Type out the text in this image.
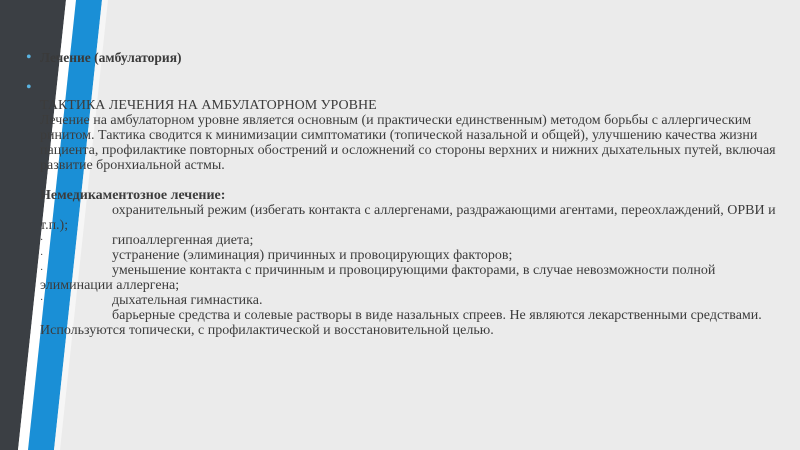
• Лечение (амбулатория)
•

ТАКТИКА ЛЕЧЕНИЯ НА АМБУЛАТОРНОМ УРОВНЕ

Лечение на амбулаторном уровне является основным (и практически единственным) методом борьбы с аллергическим ринитом. Тактика сводится к минимизации симптоматики (топической назальной и общей), улучшению качества жизни пациента, профилактике повторных обострений и осложнений со стороны верхних и нижних дыхательных путей, включая развитие бронхиальной астмы.

Немедикаментозное лечение:

охранительный режим (избегать контакта с аллергенами, раздражающими агентами, переохлаждений, ОРВИ и т.п.);

·	гипоаллергенная диета;

·	устранение (элиминация) причинных и провоцирующих факторов;

·	уменьшение контакта с причинным и провоцирующими факторами, в случае невозможности полной элиминации аллергена;

·	дыхательная гимнастика.

барьерные средства и солевые растворы в виде назальных спреев. Не являются лекарственными средствами. Используются топически, с профилактической и восстановительной целью.
